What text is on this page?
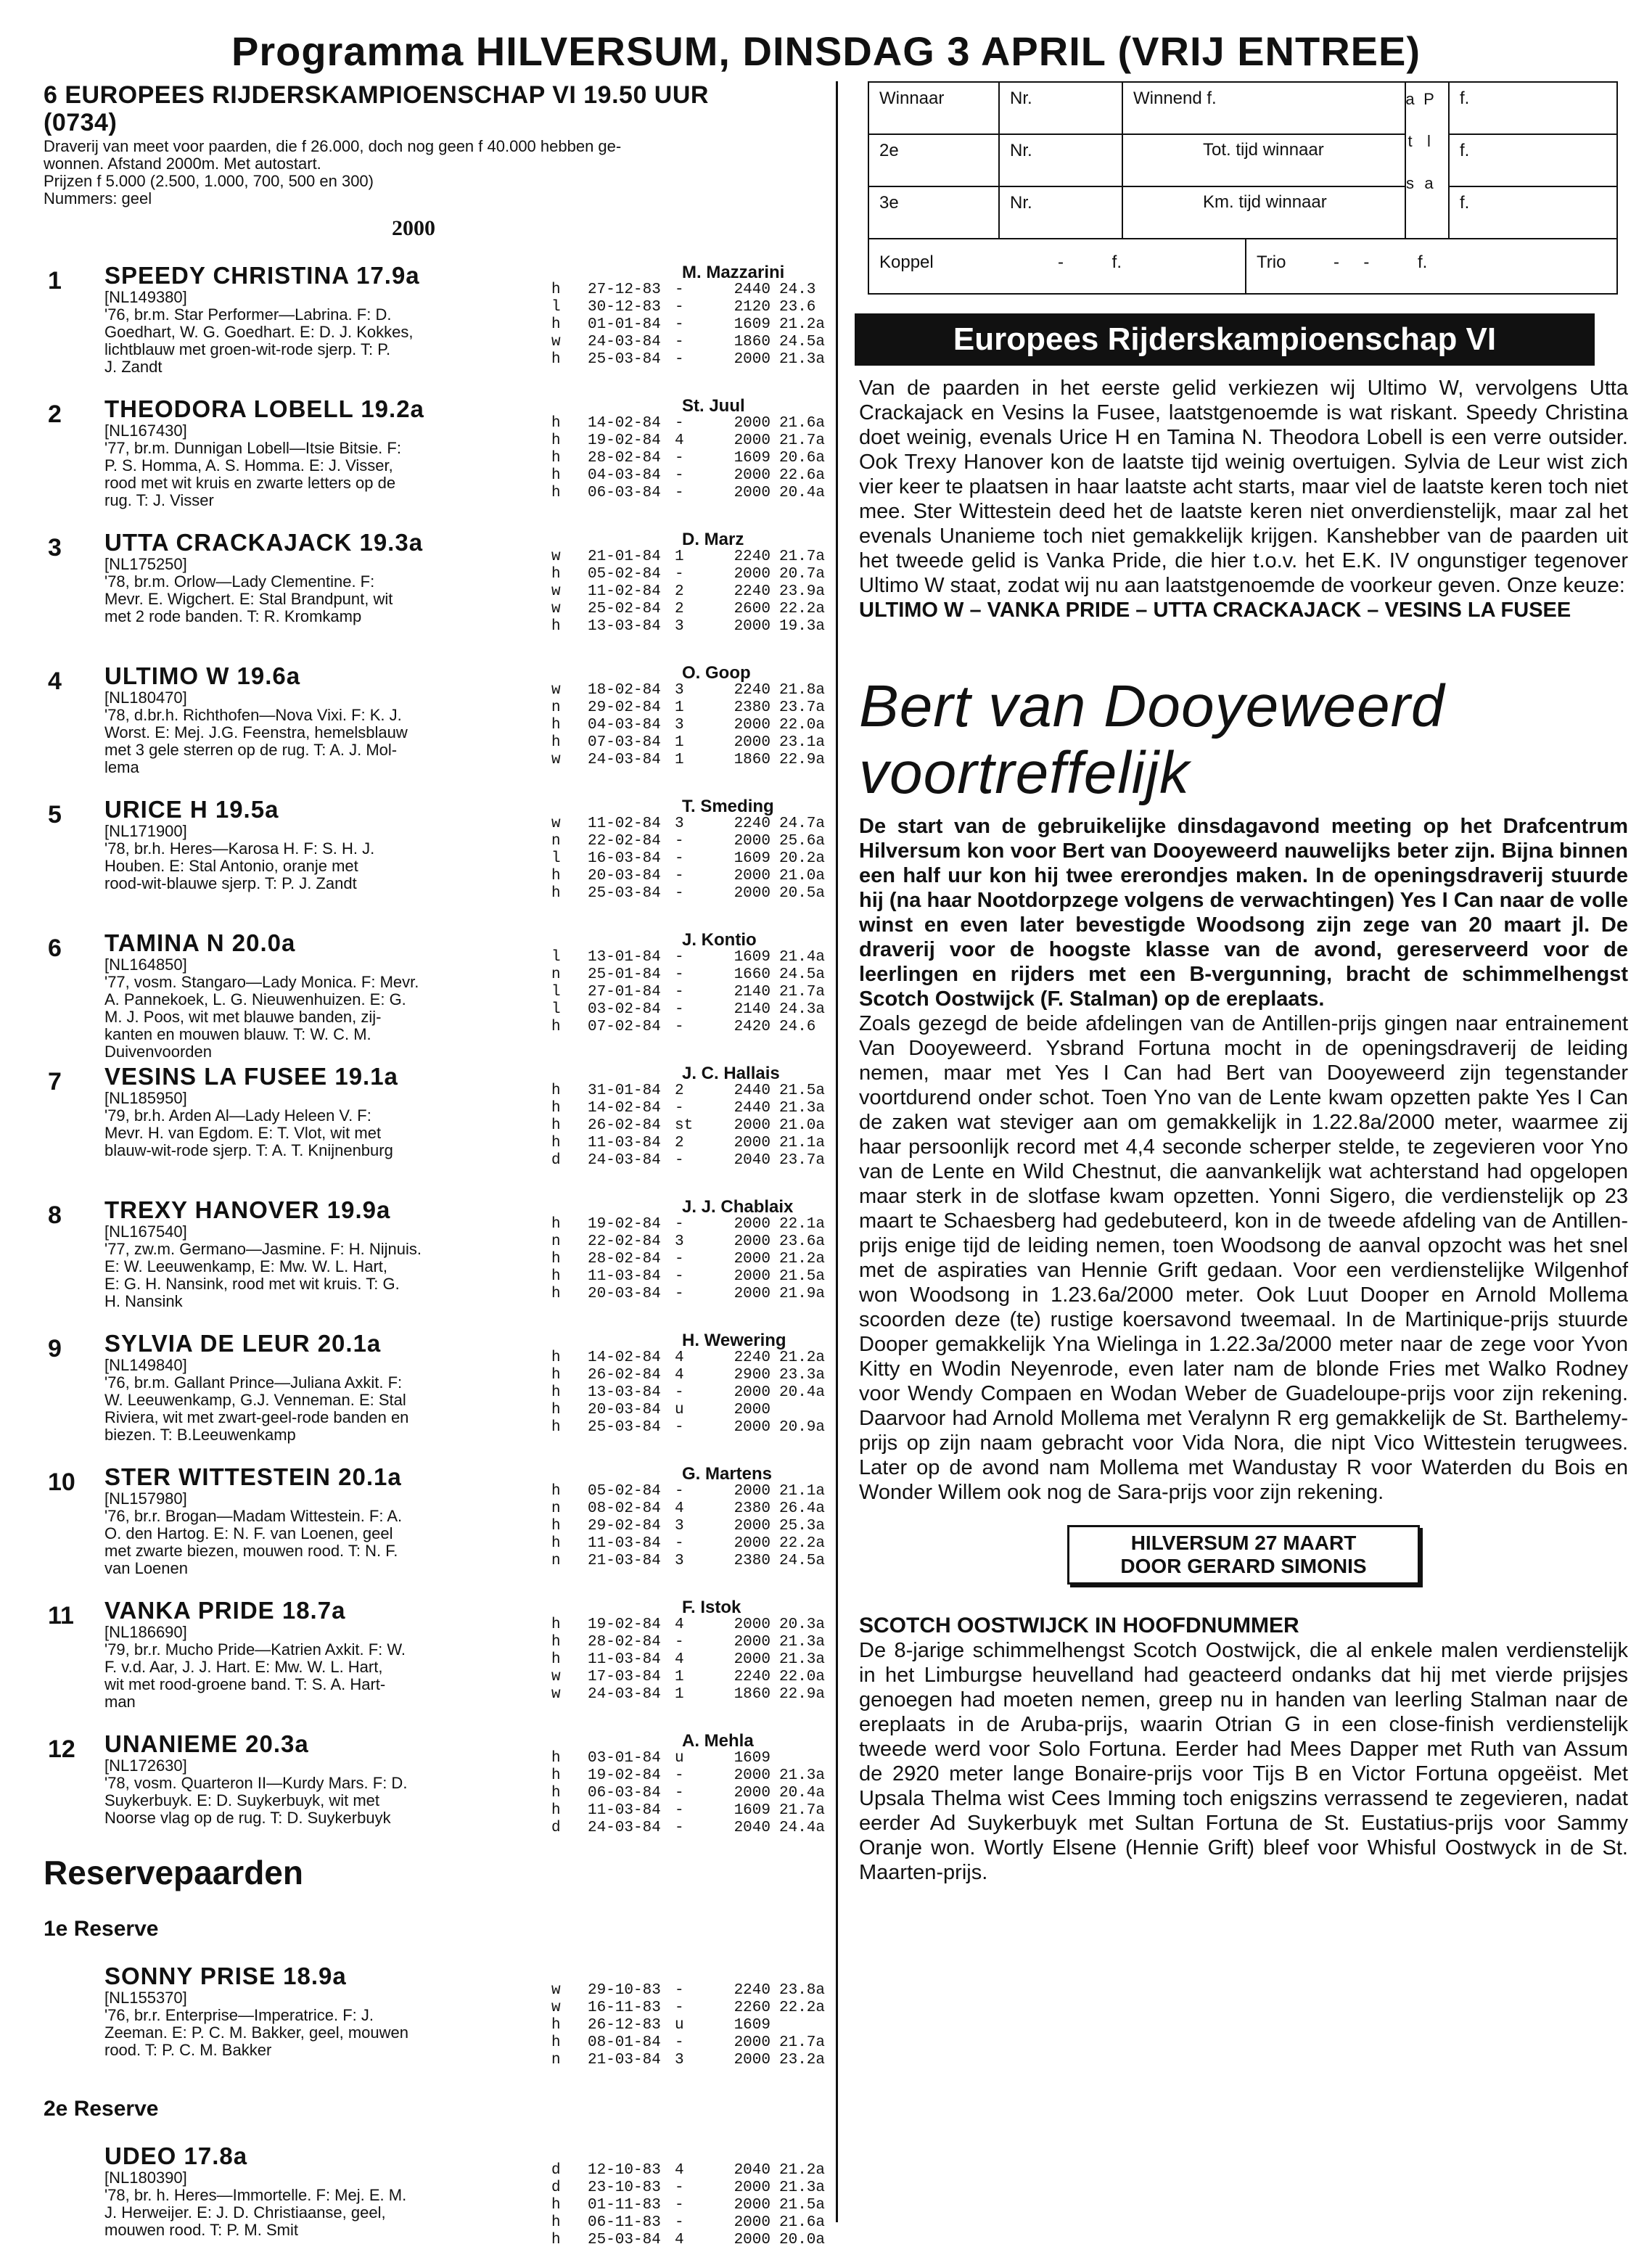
Programma HILVERSUM, DINSDAG 3 APRIL (VRIJ ENTREE)
6 EUROPEES RIJDERSKAMPIOENSCHAP VI 19.50 UUR
(0734)
Draverij van meet voor paarden, die f 26.000, doch nog geen f 40.000 hebben ge-
wonnen. Afstand 2000m. Met autostart.
Prijzen f 5.000 (2.500, 1.000, 700, 500 en 300)
Nummers: geel
2000
1 SPEEDY CHRISTINA 17.9a
[NL149380]
'76, br.m. Star Performer—Labrina. F: D.
Goedhart, W. G. Goedhart. E: D. J. Kokkes,
lichtblauw met groen-wit-rode sjerp. T: P.
J. Zandt
M. Mazzarini
h 27-12-83 -	2440 24.3
l 30-12-83 -	2120 23.6
h 01-01-84 -	1609 21.2a
w 24-03-84 -	1860 24.5a
h 25-03-84 -	2000 21.3a
2 THEODORA LOBELL 19.2a
[NL167430]
'77, br.m. Dunnigan Lobell—Itsie Bitsie. F:
P. S. Homma, A. S. Homma. E: J. Visser,
rood met wit kruis en zwarte letters op de
rug. T: J. Visser
St. Juul
h 14-02-84 -	2000 21.6a
h 19-02-84 4	2000 21.7a
h 28-02-84 -	1609 20.6a
h 04-03-84 -	2000 22.6a
h 06-03-84 -	2000 20.4a
3 UTTA CRACKAJACK 19.3a
[NL175250]
'78, br.m. Orlow—Lady Clementine. F:
Mevr. E. Wigchert. E: Stal Brandpunt, wit
met 2 rode banden. T: R. Kromkamp
D. Marz
w 21-01-84 1	2240 21.7a
h 05-02-84 -	2000 20.7a
w 11-02-84 2	2240 23.9a
w 25-02-84 2	2600 22.2a
h 13-03-84 3	2000 19.3a
4 ULTIMO W 19.6a
[NL180470]
'78, d.br.h. Richthofen—Nova Vixi. F: K. J.
Worst. E: Mej. J.G. Feenstra, hemelsblauw
met 3 gele sterren op de rug. T: A. J. Mol-
lema
O. Goop
w 18-02-84 3	2240 21.8a
n 29-02-84 1	2380 23.7a
h 04-03-84 3	2000 22.0a
h 07-03-84 1	2000 23.1a
w 24-03-84 1	1860 22.9a
5 URICE H 19.5a
[NL171900]
'78, br.h. Heres—Karosa H. F: S. H. J.
Houben. E: Stal Antonio, oranje met
rood-wit-blauwe sjerp. T: P. J. Zandt
T. Smeding
w 11-02-84 3	2240 24.7a
n 22-02-84 -	2000 25.6a
l 16-03-84 -	1609 20.2a
h 20-03-84 -	2000 21.0a
h 25-03-84 -	2000 20.5a
6 TAMINA N 20.0a
[NL164850]
'77, vosm. Stangaro—Lady Monica. F: Mevr.
A. Pannekoek, L. G. Nieuwenhuizen. E: G.
M. J. Poos, wit met blauwe banden, zij-
kanten en mouwen blauw. T: W. C. M.
Duivenvoorden
J. Kontio
l 13-01-84 -	1609 21.4a
n 25-01-84 -	1660 24.5a
l 27-01-84 -	2140 21.7a
l 03-02-84 -	2140 24.3a
h 07-02-84 -	2420 24.6
7 VESINS LA FUSEE 19.1a
[NL185950]
'79, br.h. Arden Al—Lady Heleen V. F:
Mevr. H. van Egdom. E: T. Vlot, wit met
blauw-wit-rode sjerp. T: A. T. Knijnenburg
J. C. Hallais
h 31-01-84 2	2440 21.5a
h 14-02-84 -	2440 21.3a
h 26-02-84 st	2000 21.0a
h 11-03-84 2	2000 21.1a
d 24-03-84 -	2040 23.7a
8 TREXY HANOVER 19.9a
[NL167540]
'77, zw.m. Germano—Jasmine. F: H. Nijnuis.
E: W. Leeuwenkamp, E: Mw. W. L. Hart,
E: G. H. Nansink, rood met wit kruis. T: G.
H. Nansink
J. J. Chablaix
h 19-02-84 -	2000 22.1a
n 22-02-84 3	2000 23.6a
h 28-02-84 -	2000 21.2a
h 11-03-84 -	2000 21.5a
h 20-03-84 -	2000 21.9a
9 SYLVIA DE LEUR 20.1a
[NL149840]
'76, br.m. Gallant Prince—Juliana Axkit. F:
W. Leeuwenkamp, G.J. Venneman. E: Stal
Riviera, wit met zwart-geel-rode banden en
biezen. T: B.Leeuwenkamp
H. Wewering
h 14-02-84 4	2240 21.2a
h 26-02-84 4	2900 23.3a
h 13-03-84 -	2000 20.4a
h 20-03-84 u	2000
h 25-03-84 -	2000 20.9a
10 STER WITTESTEIN 20.1a
[NL157980]
'76, br.r. Brogan—Madam Wittestein. F: A.
O. den Hartog. E: N. F. van Loenen, geel
met zwarte biezen, mouwen rood. T: N. F.
van Loenen
G. Martens
h 05-02-84 -	2000 21.1a
n 08-02-84 4	2380 26.4a
h 29-02-84 3	2000 25.3a
h 11-03-84 -	2000 22.2a
n 21-03-84 3	2380 24.5a
11 VANKA PRIDE 18.7a
[NL186690]
'79, br.r. Mucho Pride—Katrien Axkit. F: W.
F. v.d. Aar, J. J. Hart. E: Mw. W. L. Hart,
wit met rood-groene band. T: S. A. Hart-
man
F. Istok
h 19-02-84 4	2000 20.3a
h 28-02-84 -	2000 21.3a
h 11-03-84 4	2000 21.3a
w 17-03-84 1	2240 22.0a
w 24-03-84 1	1860 22.9a
12 UNANIEME 20.3a
[NL172630]
'78, vosm. Quarteron II—Kurdy Mars. F: D.
Suykerbuyk. E: D. Suykerbuyk, wit met
Noorse vlag op de rug. T: D. Suykerbuyk
A. Mehla
h 03-01-84 u	1609
h 19-02-84 -	2000 21.3a
h 06-03-84 -	2000 20.4a
h 11-03-84 -	1609 21.7a
d 24-03-84 -	2040 24.4a
Reservepaarden
1e Reserve
SONNY PRISE 18.9a
[NL155370]
'76, br.r. Enterprise—Imperatrice. F: J.
Zeeman. E: P. C. M. Bakker, geel, mouwen
rood. T: P. C. M. Bakker
w 29-10-83 -	2240 23.8a
w 16-11-83 -	2260 22.2a
h 26-12-83 u	1609
h 08-01-84 -	2000 21.7a
n 21-03-84 3	2000 23.2a
2e Reserve
UDEO 17.8a
[NL180390]
'78, br. h. Heres—Immortelle. F: Mej. E. M.
J. Herweijer. E: J. D. Christiaanse, geel,
mouwen rood. T: P. M. Smit
d 12-10-83 4	2040 21.2a
d 23-10-83 -	2000 21.3a
h 01-11-83 -	2000 21.5a
h 06-11-83 -	2000 21.6a
h 25-03-84 4	2000 20.0a
Winnaar	Nr.	Winnend f.	P l a a t s	f.
2e	Nr.	Tot. tijd winnaar	f.
3e	Nr.	Km. tijd winnaar	f.
Koppel	-          f.	Trio	-     -          f.
Europees Rijderskampioenschap VI
Van de paarden in het eerste gelid verkiezen wij Ultimo W, vervolgens Utta Crackajack en Vesins la Fusee, laatstgenoemde is wat riskant. Speedy Christina doet weinig, evenals Urice H en Tamina N. Theodora Lobell is een verre outsider. Ook Trexy Hanover kon de laatste tijd weinig overtuigen. Sylvia de Leur wist zich vier keer te plaatsen in haar laatste acht starts, maar viel de laatste keren toch niet mee. Ster Wittestein deed het de laatste keren niet onverdienstelijk, maar zal het evenals Unanieme toch niet gemakkelijk krijgen. Kanshebber van de paarden uit het tweede gelid is Vanka Pride, die hier t.o.v. het E.K. IV ongunstiger tegenover Ultimo W staat, zodat wij nu aan laatstgenoemde de voorkeur geven. Onze keuze:
ULTIMO W – VANKA PRIDE – UTTA CRACKAJACK – VESINS LA FUSEE
Bert van Dooyeweerd voortreffelijk
De start van de gebruikelijke dinsdagavond meeting op het Drafcentrum Hilversum kon voor Bert van Dooyeweerd nauwelijks beter zijn. Bijna binnen een half uur kon hij twee ererondjes maken. In de openingsdraverij stuurde hij (na haar Nootdorpzege volgens de verwachtingen) Yes I Can naar de volle winst en even later bevestigde Woodsong zijn zege van 20 maart jl. De draverij voor de hoogste klasse van de avond, gereserveerd voor de leerlingen en rijders met een B-vergunning, bracht de schimmelhengst Scotch Oostwijck (F. Stalman) op de ereplaats.
Zoals gezegd de beide afdelingen van de Antillen-prijs gingen naar entrainement Van Dooyeweerd. Ysbrand Fortuna mocht in de openingsdraverij de leiding nemen, maar met Yes I Can had Bert van Dooyeweerd zijn tegenstander voortdurend onder schot. Toen Yno van de Lente kwam opzetten pakte Yes I Can de zaken wat steviger aan om gemakkelijk in 1.22.8a/2000 meter, waarmee zij haar persoonlijk record met 4,4 seconde scherper stelde, te zegevieren voor Yno van de Lente en Wild Chestnut, die aanvankelijk wat achterstand had opgelopen maar sterk in de slotfase kwam opzetten. Yonni Sigero, die verdienstelijk op 23 maart te Schaesberg had gedebuteerd, kon in de tweede afdeling van de Antillen-prijs enige tijd de leiding nemen, toen Woodsong de aanval opzocht was het snel met de aspiraties van Hennie Grift gedaan. Voor een verdienstelijke Wilgenhof won Woodsong in 1.23.6a/2000 meter. Ook Luut Dooper en Arnold Mollema scoorden deze (te) rustige koersavond tweemaal. In de Martinique-prijs stuurde Dooper gemakkelijk Yna Wielinga in 1.22.3a/2000 meter naar de zege voor Yvon Kitty en Wodin Neyenrode, even later nam de blonde Fries met Walko Rodney voor Wendy Compaen en Wodan Weber de Guadeloupe-prijs voor zijn rekening. Daarvoor had Arnold Mollema met Veralynn R erg gemakkelijk de St. Barthelemy-prijs op zijn naam gebracht voor Vida Nora, die nipt Vico Wittestein terugwees. Later op de avond nam Mollema met Wandustay R voor Waterden du Bois en Wonder Willem ook nog de Sara-prijs voor zijn rekening.
HILVERSUM 27 MAART
DOOR GERARD SIMONIS
SCOTCH OOSTWIJCK IN HOOFDNUMMER
De 8-jarige schimmelhengst Scotch Oostwijck, die al enkele malen verdienstelijk in het Limburgse heuvelland had geacteerd ondanks dat hij met vierde prijsjes genoegen had moeten nemen, greep nu in handen van leerling Stalman naar de ereplaats in de Aruba-prijs, waarin Otrian G in een close-finish verdienstelijk tweede werd voor Solo Fortuna. Eerder had Mees Dapper met Ruth van Assum de 2920 meter lange Bonaire-prijs voor Tijs B en Victor Fortuna opgeëist. Met Upsala Thelma wist Cees Imming toch enigszins verrassend te zegevieren, nadat eerder Ad Suykerbuyk met Sultan Fortuna de St. Eustatius-prijs voor Sammy Oranje won. Wortly Elsene (Hennie Grift) bleef voor Whisful Oostwyck in de St. Maarten-prijs.
